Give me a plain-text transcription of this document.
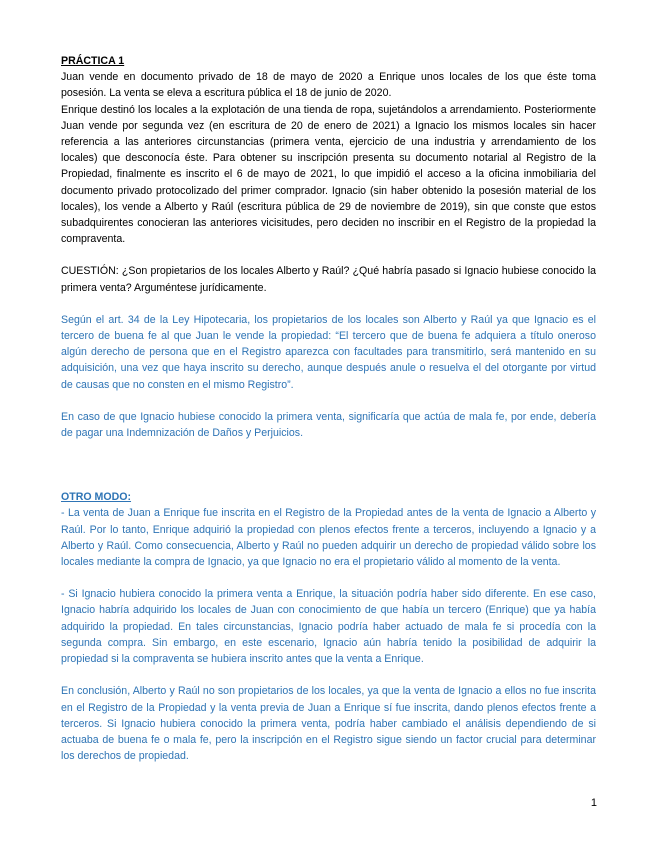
PRÁCTICA 1

Juan vende en documento privado de 18 de mayo de 2020 a Enrique unos locales de los que éste toma posesión. La venta se eleva a escritura pública el 18 de junio de 2020.

Enrique destinó los locales a la explotación de una tienda de ropa, sujetándolos a arrendamiento. Posteriormente Juan vende por segunda vez (en escritura de 20 de enero de 2021) a Ignacio los mismos locales sin hacer referencia a las anteriores circunstancias (primera venta, ejercicio de una industria y arrendamiento de los locales) que desconocía éste. Para obtener su inscripción presenta su documento notarial al Registro de la Propiedad, finalmente es inscrito el 6 de mayo de 2021, lo que impidió el acceso a la oficina inmobiliaria del documento privado protocolizado del primer comprador. Ignacio (sin haber obtenido la posesión material de los locales), los vende a Alberto y Raúl (escritura pública de 29 de noviembre de 2019), sin que conste que estos subadquirentes conocieran las anteriores vicisitudes, pero deciden no inscribir en el Registro de la propiedad la compraventa.

CUESTIÓN: ¿Son propietarios de los locales Alberto y Raúl? ¿Qué habría pasado si Ignacio hubiese conocido la primera venta? Arguméntese jurídicamente.

Según el art. 34 de la Ley Hipotecaria, los propietarios de los locales son Alberto y Raúl ya que Ignacio es el tercero de buena fe al que Juan le vende la propiedad: “El tercero que de buena fe adquiera a título oneroso algún derecho de persona que en el Registro aparezca con facultades para transmitirlo, será mantenido en su adquisición, una vez que haya inscrito su derecho, aunque después anule o resuelva el del otorgante por virtud de causas que no consten en el mismo Registro”.

En caso de que Ignacio hubiese conocido la primera venta, significaría que actúa de mala fe, por ende, debería de pagar una Indemnización de Daños y Perjuicios.

OTRO MODO:

- La venta de Juan a Enrique fue inscrita en el Registro de la Propiedad antes de la venta de Ignacio a Alberto y Raúl. Por lo tanto, Enrique adquirió la propiedad con plenos efectos frente a terceros, incluyendo a Ignacio y a Alberto y Raúl. Como consecuencia, Alberto y Raúl no pueden adquirir un derecho de propiedad válido sobre los locales mediante la compra de Ignacio, ya que Ignacio no era el propietario válido al momento de la venta.

- Si Ignacio hubiera conocido la primera venta a Enrique, la situación podría haber sido diferente. En ese caso, Ignacio habría adquirido los locales de Juan con conocimiento de que había un tercero (Enrique) que ya había adquirido la propiedad. En tales circunstancias, Ignacio podría haber actuado de mala fe si procedía con la segunda compra. Sin embargo, en este escenario, Ignacio aún habría tenido la posibilidad de adquirir la propiedad si la compraventa se hubiera inscrito antes que la venta a Enrique.

En conclusión, Alberto y Raúl no son propietarios de los locales, ya que la venta de Ignacio a ellos no fue inscrita en el Registro de la Propiedad y la venta previa de Juan a Enrique sí fue inscrita, dando plenos efectos frente a terceros. Si Ignacio hubiera conocido la primera venta, podría haber cambiado el análisis dependiendo de si actuaba de buena fe o mala fe, pero la inscripción en el Registro sigue siendo un factor crucial para determinar los derechos de propiedad.

1
